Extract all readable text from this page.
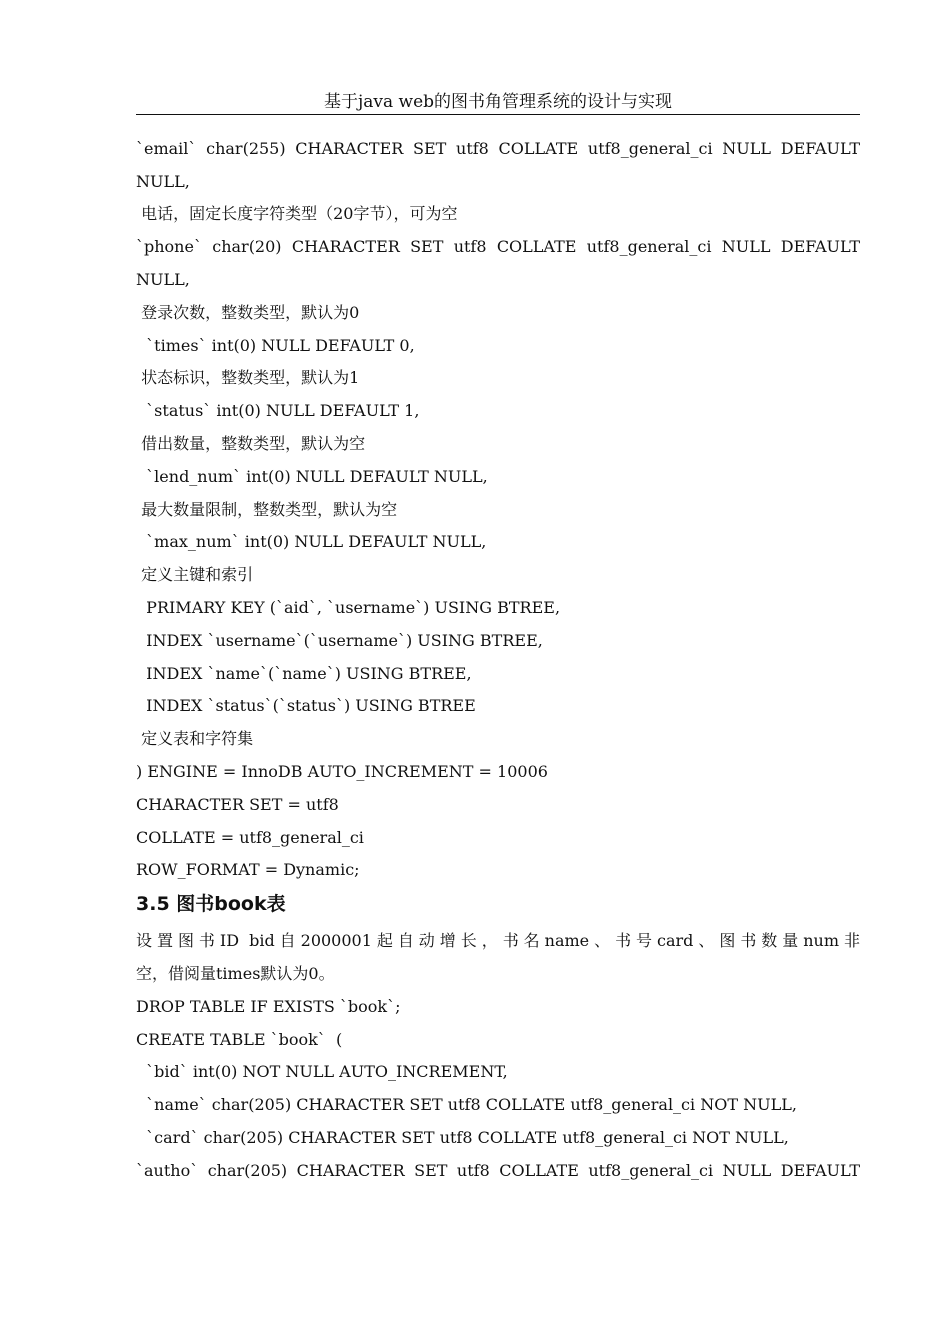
基于java web的图书角管理系统的设计与实现
`email` char(255) CHARACTER SET utf8 COLLATE utf8_general_ci NULL DEFAULT
NULL,
电话，固定长度字符类型（20字节），可为空
`phone` char(20) CHARACTER SET utf8 COLLATE utf8_general_ci NULL DEFAULT
NULL,
登录次数，整数类型，默认为0
`times` int(0) NULL DEFAULT 0,
状态标识，整数类型，默认为1
`status` int(0) NULL DEFAULT 1,
借出数量，整数类型，默认为空
`lend_num` int(0) NULL DEFAULT NULL,
最大数量限制，整数类型，默认为空
`max_num` int(0) NULL DEFAULT NULL,
定义主键和索引
PRIMARY KEY (`aid`, `username`) USING BTREE,
INDEX `username`(`username`) USING BTREE,
INDEX `name`(`name`) USING BTREE,
INDEX `status`(`status`) USING BTREE
定义表和字符集
) ENGINE = InnoDB AUTO_INCREMENT = 10006
CHARACTER SET = utf8
COLLATE = utf8_general_ci
ROW_FORMAT = Dynamic;
3.5 图书book表
设置图书ID bid自2000001起自动增长，书名name、书号card、图书数量num非
空，借阅量times默认为0。
DROP TABLE IF EXISTS `book`;
CREATE TABLE `book`  (
`bid` int(0) NOT NULL AUTO_INCREMENT,
`name` char(205) CHARACTER SET utf8 COLLATE utf8_general_ci NOT NULL,
`card` char(205) CHARACTER SET utf8 COLLATE utf8_general_ci NOT NULL,
`autho` char(205) CHARACTER SET utf8 COLLATE utf8_general_ci NULL DEFAULT
